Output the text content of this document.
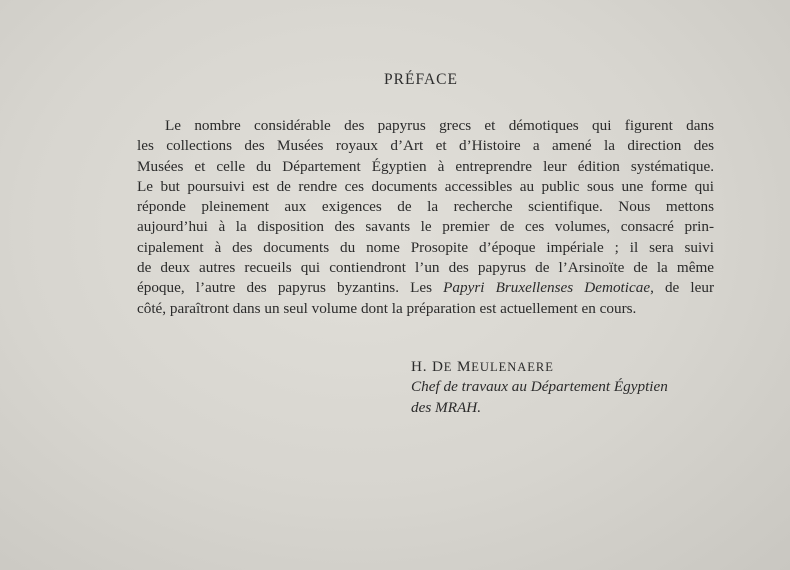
PRÉFACE
Le nombre considérable des papyrus grecs et démotiques qui figurent dans
les collections des Musées royaux d’Art et d’Histoire a amené la direction des
Musées et celle du Département Égyptien à entreprendre leur édition systématique.
Le but poursuivi est de rendre ces documents accessibles au public sous une forme qui
réponde pleinement aux exigences de la recherche scientifique. Nous mettons
aujourd’hui à la disposition des savants le premier de ces volumes, consacré prin-
cipalement à des documents du nome Prosopite d’époque impériale ; il sera suivi
de deux autres recueils qui contiendront l’un des papyrus de l’Arsinoïte de la même
époque, l’autre des papyrus byzantins. Les Papyri Bruxellenses Demoticae, de leur
côté, paraîtront dans un seul volume dont la préparation est actuellement en cours.
H. DE MEULENAERE
Chef de travaux au Département Égyptien
des MRAH.
